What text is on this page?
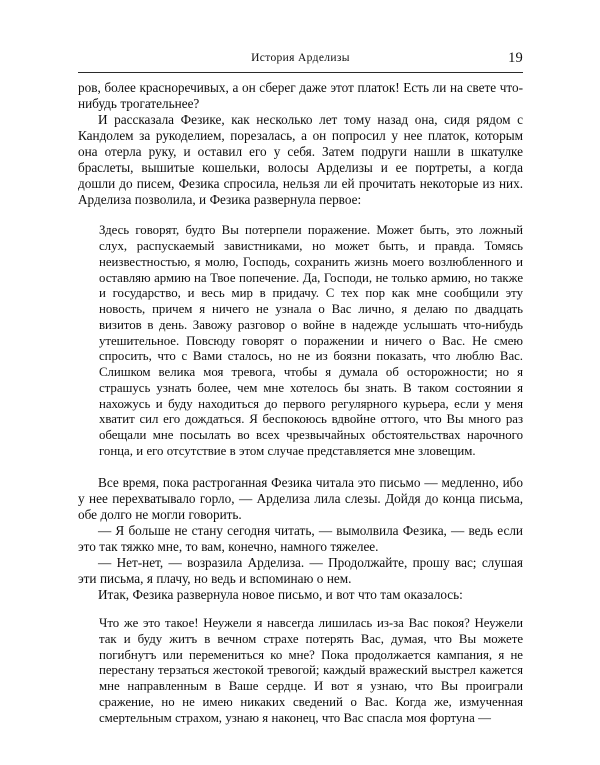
История Арделизы	19

ров, более красноречивых, а он сберег даже этот платок! Есть ли на свете что-нибудь трогательнее?

И рассказала Фезике, как несколько лет тому назад она, сидя рядом с Кандолем за рукоделием, порезалась, а он попросил у нее платок, которым она отерла руку, и оставил его у себя. Затем подруги нашли в шкатулке браслеты, вышитые кошельки, волосы Арделизы и ее портреты, а когда дошли до писем, Фезика спросила, нельзя ли ей прочитать некоторые из них. Арделиза позволила, и Фезика развернула первое:

Здесь говорят, будто Вы потерпели поражение. Может быть, это ложный слух, распускаемый завистниками, но может быть, и правда. Томясь неизвестностью, я молю, Господь, сохранить жизнь моего возлюбленного и оставляю армию на Твое попечение. Да, Господи, не только армию, но также и государство, и весь мир в придачу. С тех пор как мне сообщили эту новость, причем я ничего не узнала о Вас лично, я делаю по двадцать визитов в день. Завожу разговор о войне в надежде услышать что-нибудь утешительное. Повсюду говорят о поражении и ничего о Вас. Не смею спросить, что с Вами сталось, но не из боязни показать, что люблю Вас. Слишком велика моя тревога, чтобы я думала об осторожности; но я страшусь узнать более, чем мне хотелось бы знать. В таком состоянии я нахожусь и буду находиться до первого регулярного курьера, если у меня хватит сил его дождаться. Я беспокоюсь вдвойне оттого, что Вы много раз обещали мне посылать во всех чрезвычайных обстоятельствах нарочного гонца, и его отсутствие в этом случае представляется мне зловещим.

Все время, пока растроганная Фезика читала это письмо — медленно, ибо у нее перехватывало горло, — Арделиза лила слезы. Дойдя до конца письма, обе долго не могли говорить.

— Я больше не стану сегодня читать, — вымолвила Фезика, — ведь если это так тяжко мне, то вам, конечно, намного тяжелее.

— Нет-нет, — возразила Арделиза. — Продолжайте, прошу вас; слушая эти письма, я плачу, но ведь и вспоминаю о нем.

Итак, Фезика развернула новое письмо, и вот что там оказалось:

Что же это такое! Неужели я навсегда лишилась из-за Вас покоя? Неужели так и буду житъ в вечном страхе потерять Вас, думая, что Вы можете погибнутъ или перемениться ко мне? Пока продолжается кампания, я не перестану терзаться жестокой тревогой; каждый вражеский выстрел кажется мне направленным в Ваше сердце. И вот я узнаю, что Вы проиграли сражение, но не имею никаких сведений о Вас. Когда же, измученная смертельным страхом, узнаю я наконец, что Вас спасла моя фортуна —
